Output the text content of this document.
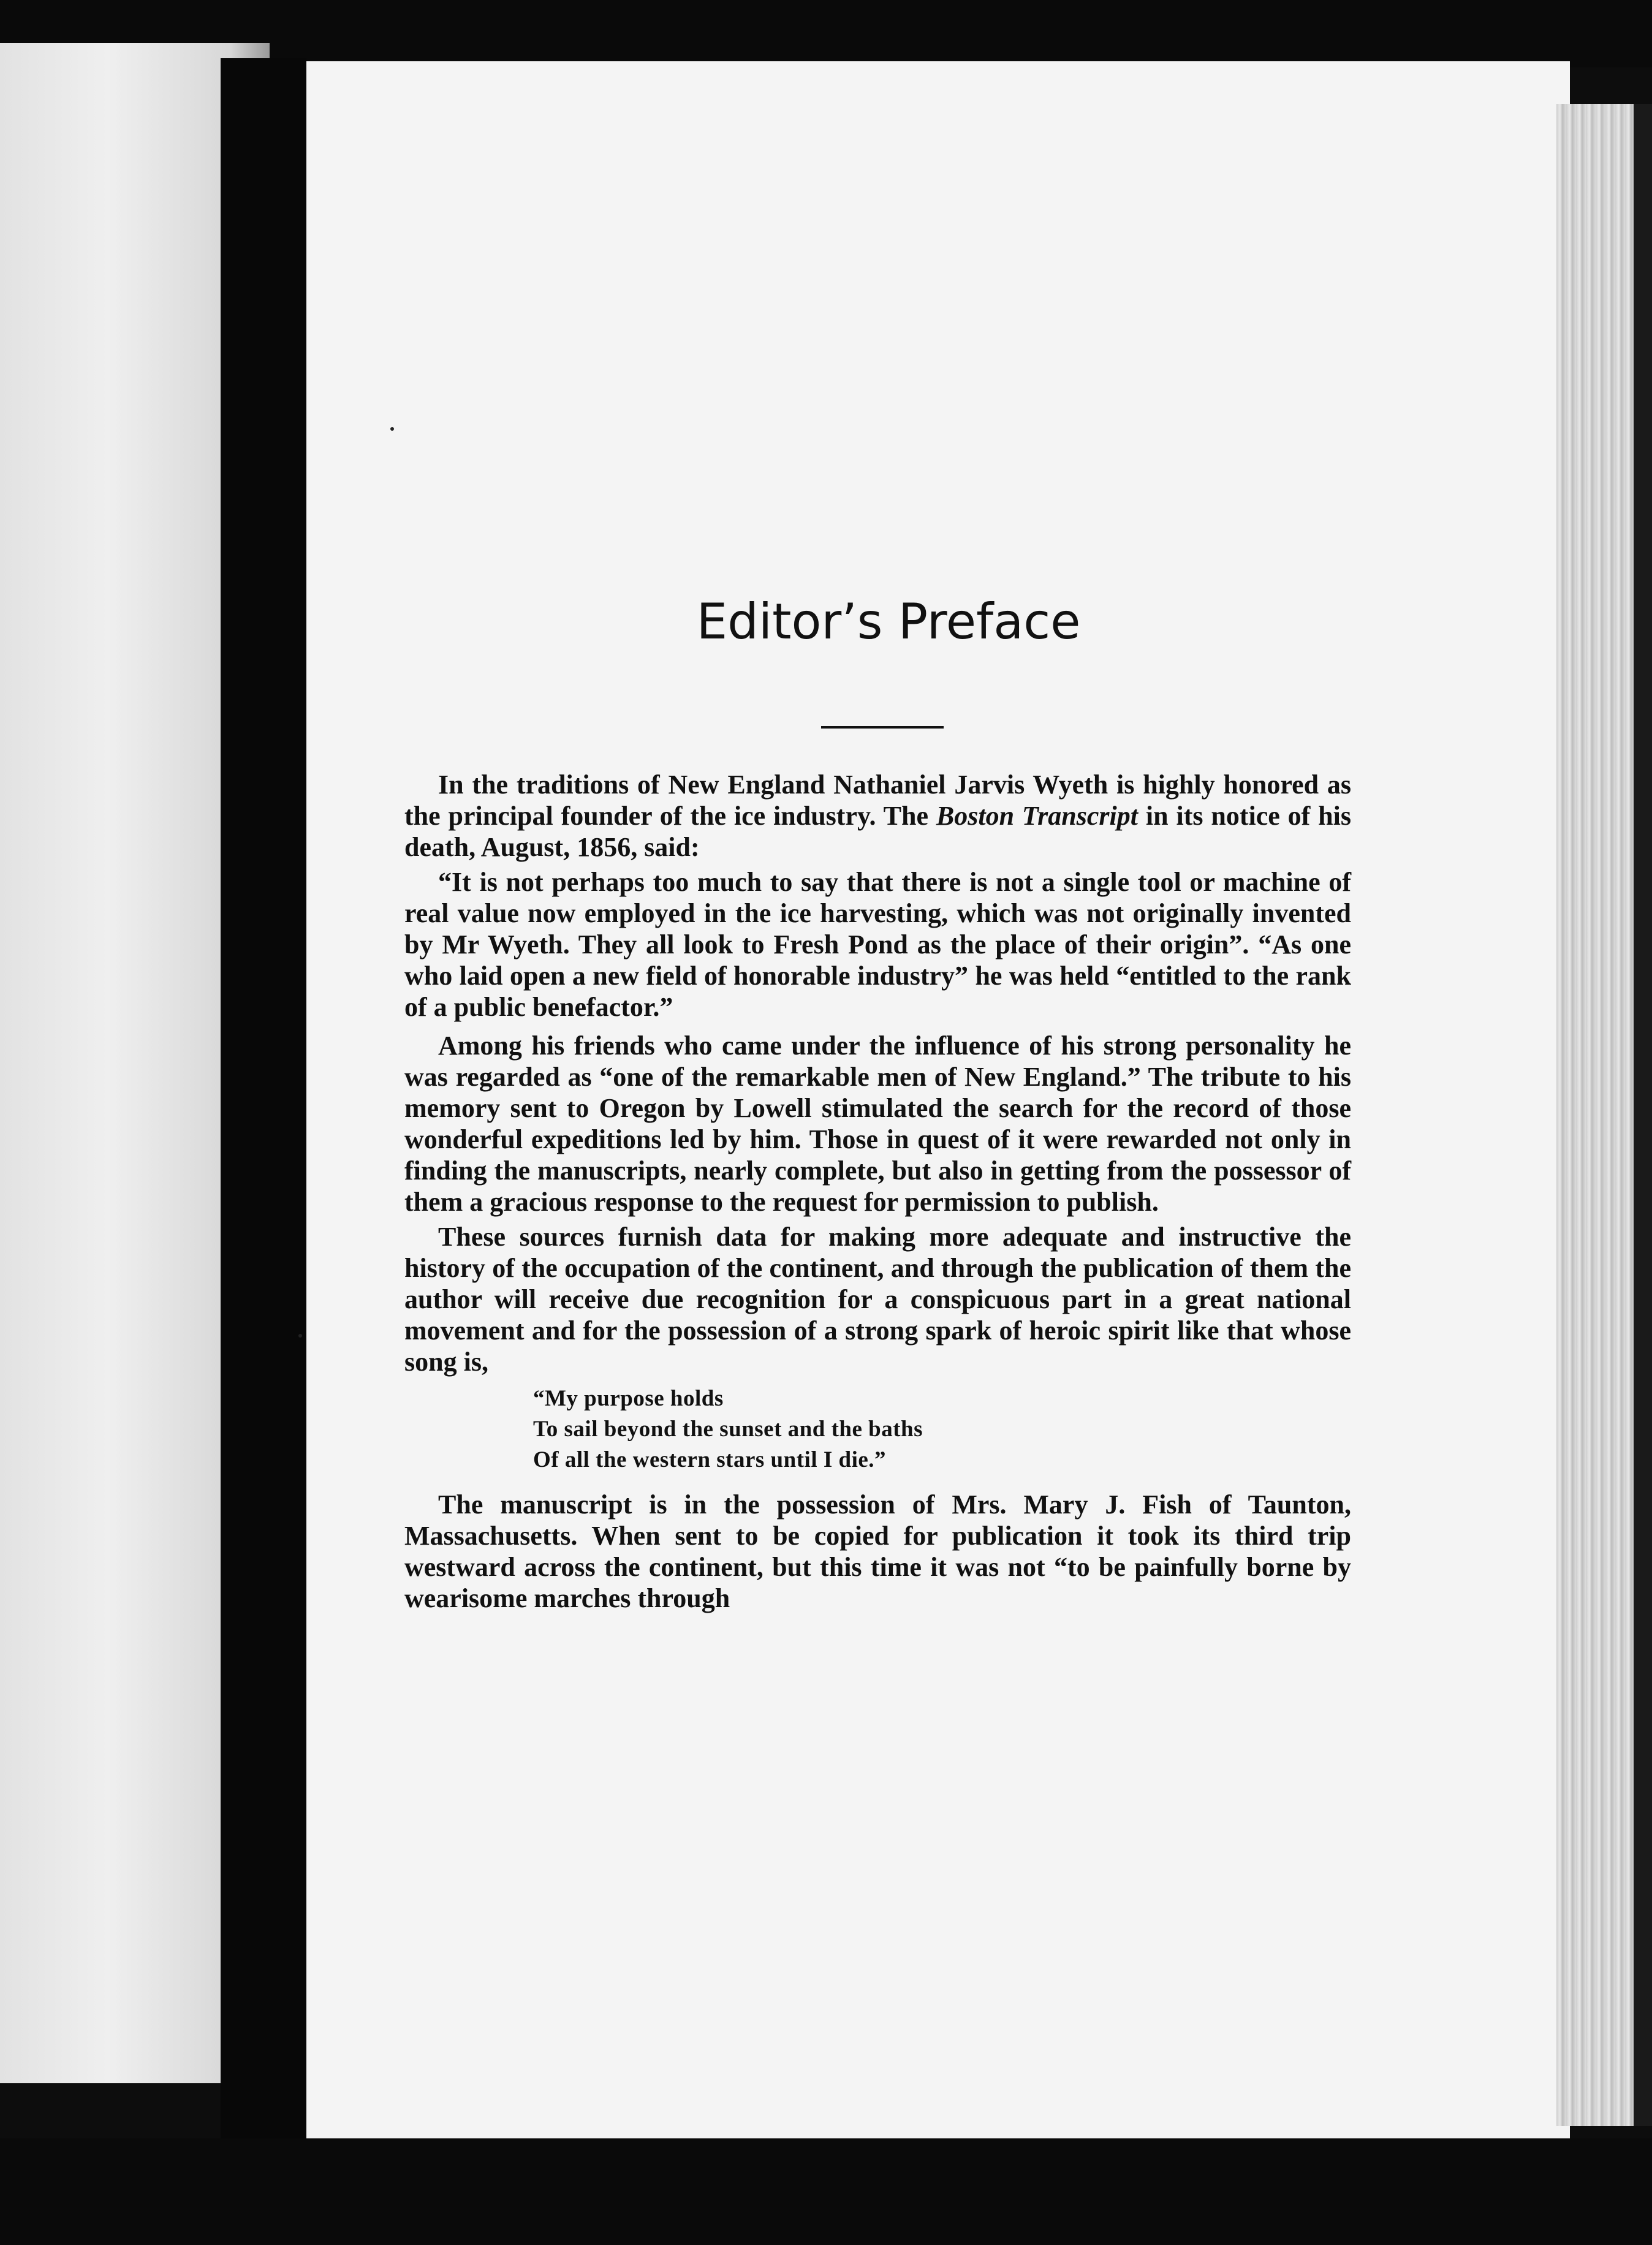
Editor’s Preface

In the traditions of New England Nathaniel Jarvis Wyeth is highly honored as the principal founder of the ice industry. The Boston Transcript in its notice of his death, August, 1856, said:

“It is not perhaps too much to say that there is not a single tool or machine of real value now employed in the ice harvesting, which was not originally invented by Mr Wyeth. They all look to Fresh Pond as the place of their origin”. “As one who laid open a new field of honorable industry” he was held “entitled to the rank of a public benefactor.”

Among his friends who came under the influence of his strong personality he was regarded as “one of the remarkable men of New England.” The tribute to his memory sent to Oregon by Lowell stimulated the search for the record of those wonderful expeditions led by him. Those in quest of it were rewarded not only in finding the manuscripts, nearly complete, but also in getting from the possessor of them a gracious response to the request for permission to publish.

These sources furnish data for making more adequate and instructive the history of the occupation of the continent, and through the publication of them the author will receive due recognition for a conspicuous part in a great national movement and for the possession of a strong spark of heroic spirit like that whose song is,

“My purpose holds
To sail beyond the sunset and the baths
Of all the western stars until I die.”

The manuscript is in the possession of Mrs. Mary J. Fish of Taunton, Massachusetts. When sent to be copied for publication it took its third trip westward across the continent, but this time it was not “to be painfully borne by wearisome marches through
